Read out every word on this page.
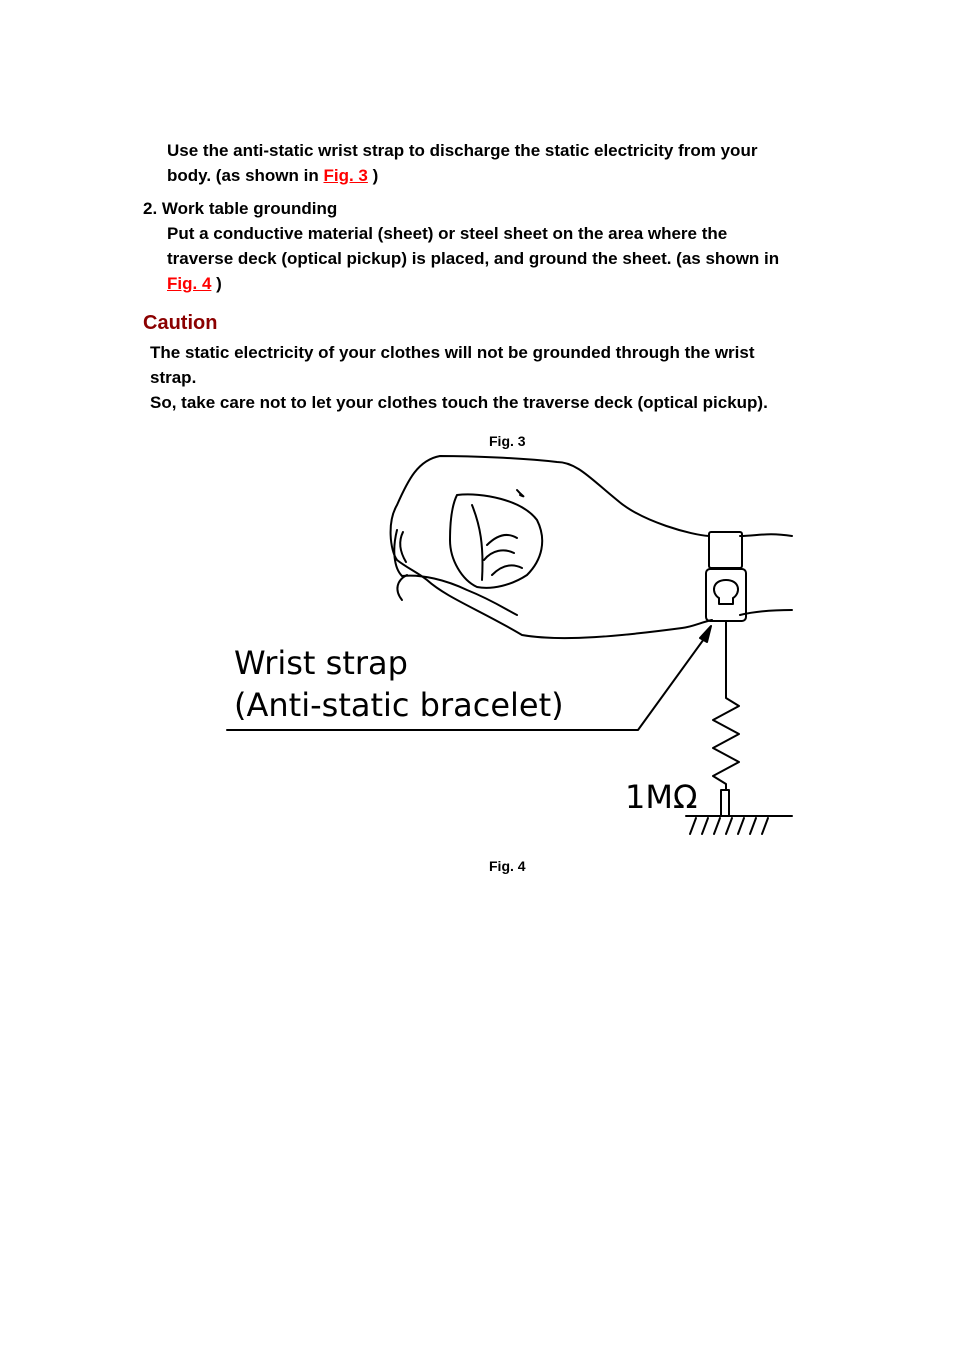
Use the anti-static wrist strap to discharge the static electricity from your
body. (as shown in Fig. 3 )
2. Work table grounding
Put a conductive material (sheet) or steel sheet on the area where the
traverse deck (optical pickup) is placed, and ground the sheet. (as shown in
Fig. 4 )
Caution
The static electricity of your clothes will not be grounded through the wrist
strap.
So, take care not to let your clothes touch the traverse deck (optical pickup).
Fig. 3
Fig. 4
Wrist strap
(Anti-static bracelet)
1MΩ
